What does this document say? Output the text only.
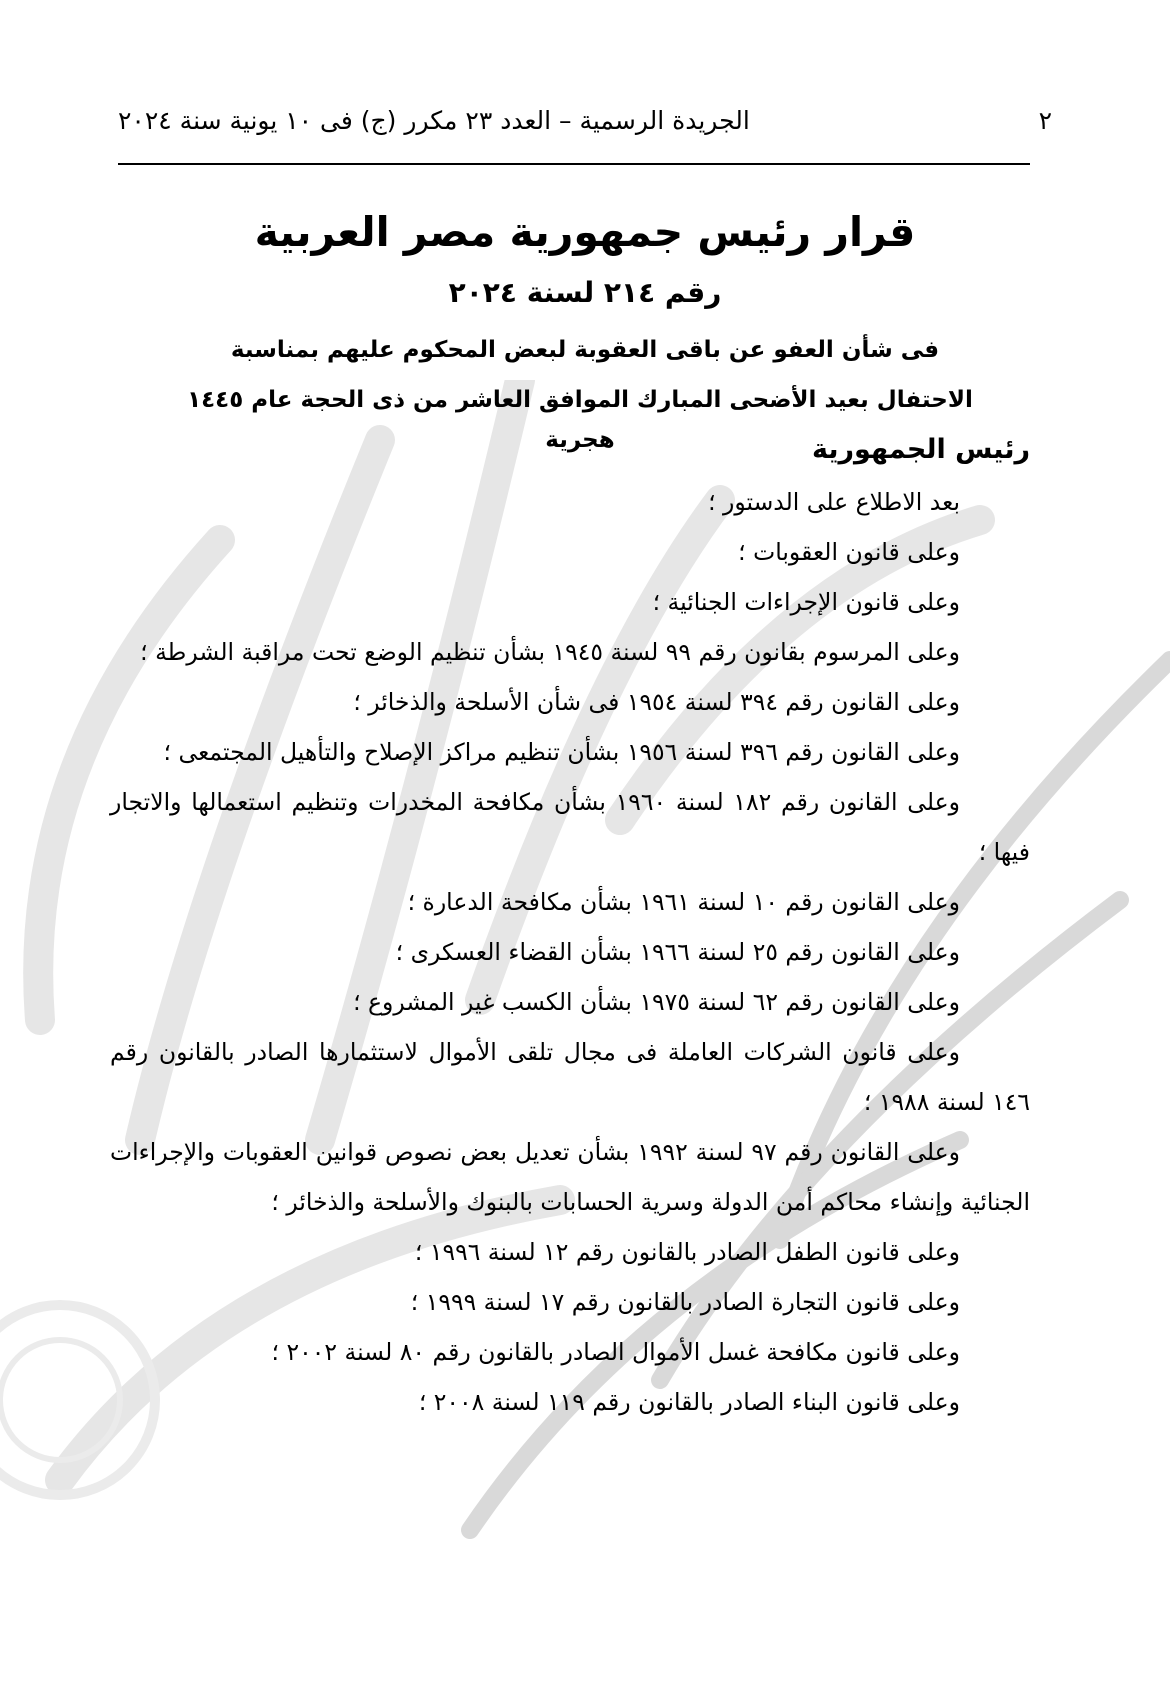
٢
الجريدة الرسمية – العدد ٢٣ مكرر (ج) فى ١٠ يونية سنة ٢٠٢٤
قرار رئيس جمهورية مصر العربية
رقم ٢١٤ لسنة ٢٠٢٤
فى شأن العفو عن باقى العقوبة لبعض المحكوم عليهم بمناسبة
الاحتفال بعيد الأضحى المبارك الموافق العاشر من ذى الحجة عام ١٤٤٥ هجرية	رئيس الجمهورية

بعد الاطلاع على الدستور ؛

وعلى قانون العقوبات ؛

وعلى قانون الإجراءات الجنائية ؛

وعلى المرسوم بقانون رقم ٩٩ لسنة ١٩٤٥ بشأن تنظيم الوضع تحت مراقبة الشرطة ؛

وعلى القانون رقم ٣٩٤ لسنة ١٩٥٤ فى شأن الأسلحة والذخائر ؛

وعلى القانون رقم ٣٩٦ لسنة ١٩٥٦ بشأن تنظيم مراكز الإصلاح والتأهيل المجتمعى ؛

وعلى القانون رقم ١٨٢ لسنة ١٩٦٠ بشأن مكافحة المخدرات وتنظيم استعمالها والاتجار فيها ؛

وعلى القانون رقم ١٠ لسنة ١٩٦١ بشأن مكافحة الدعارة ؛

وعلى القانون رقم ٢٥ لسنة ١٩٦٦ بشأن القضاء العسكرى ؛

وعلى القانون رقم ٦٢ لسنة ١٩٧٥ بشأن الكسب غير المشروع ؛

وعلى قانون الشركات العاملة فى مجال تلقى الأموال لاستثمارها الصادر بالقانون رقم ١٤٦ لسنة ١٩٨٨ ؛

وعلى القانون رقم ٩٧ لسنة ١٩٩٢ بشأن تعديل بعض نصوص قوانين العقوبات والإجراءات الجنائية وإنشاء محاكم أمن الدولة وسرية الحسابات بالبنوك والأسلحة والذخائر ؛

وعلى قانون الطفل الصادر بالقانون رقم ١٢ لسنة ١٩٩٦ ؛

وعلى قانون التجارة الصادر بالقانون رقم ١٧ لسنة ١٩٩٩ ؛

وعلى قانون مكافحة غسل الأموال الصادر بالقانون رقم ٨٠ لسنة ٢٠٠٢ ؛

وعلى قانون البناء الصادر بالقانون رقم ١١٩ لسنة ٢٠٠٨ ؛
